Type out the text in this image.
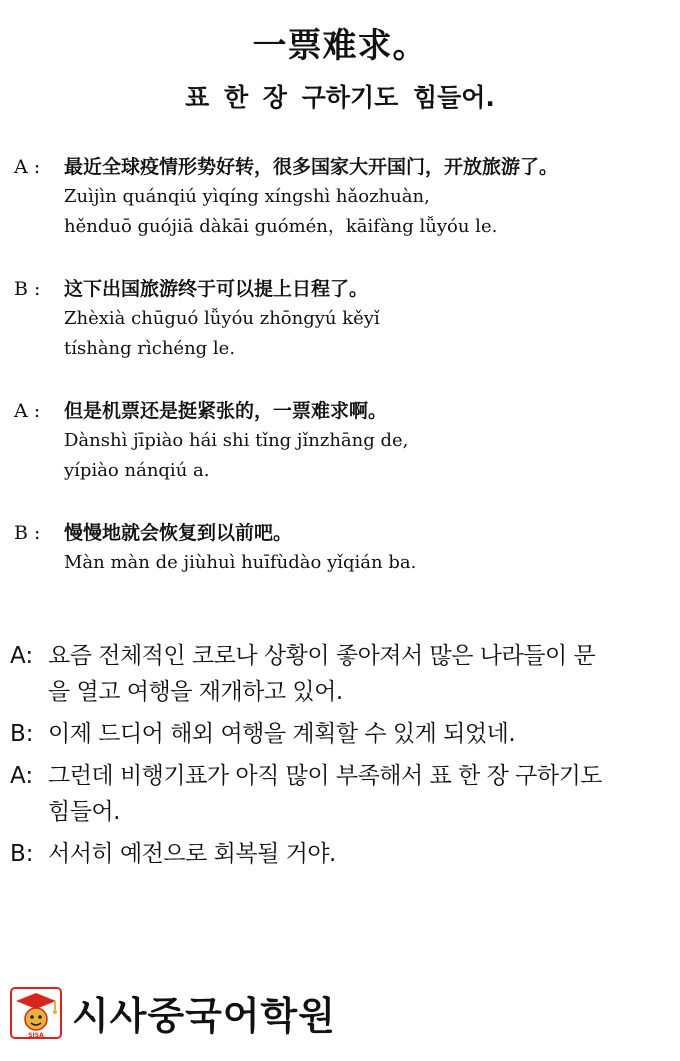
一票难求。
표 한 장 구하기도 힘들어.
A :	最近全球疫情形势好转，很多国家大开国门，开放旅游了。
Zuìjìn quánqiú yìqíng xíngshì hǎozhuàn,
hěnduō guójiā dàkāi guómén，kāifàng lǚyóu le.
B :	这下出国旅游终于可以提上日程了。
Zhèxià chūguó lǚyóu zhōngyú kěyǐ
tíshàng rìchéng le.
A :	但是机票还是挺紧张的，一票难求啊。
Dànshì jīpiào hái shi tǐng jǐnzhāng de,
yípiào nánqiú a.
B :	慢慢地就会恢复到以前吧。
Màn màn de jiùhuì huīfùdào yǐqián ba.
A: 요즘 전체적인 코로나 상황이 좋아져서 많은 나라들이 문
을 열고 여행을 재개하고 있어.
B: 이제 드디어 해외 여행을 계획할 수 있게 되었네.
A: 그런데 비행기표가 아직 많이 부족해서 표 한 장 구하기도
힘들어.
B: 서서히 예전으로 회복될 거야.
SISA 시사중국어학원
